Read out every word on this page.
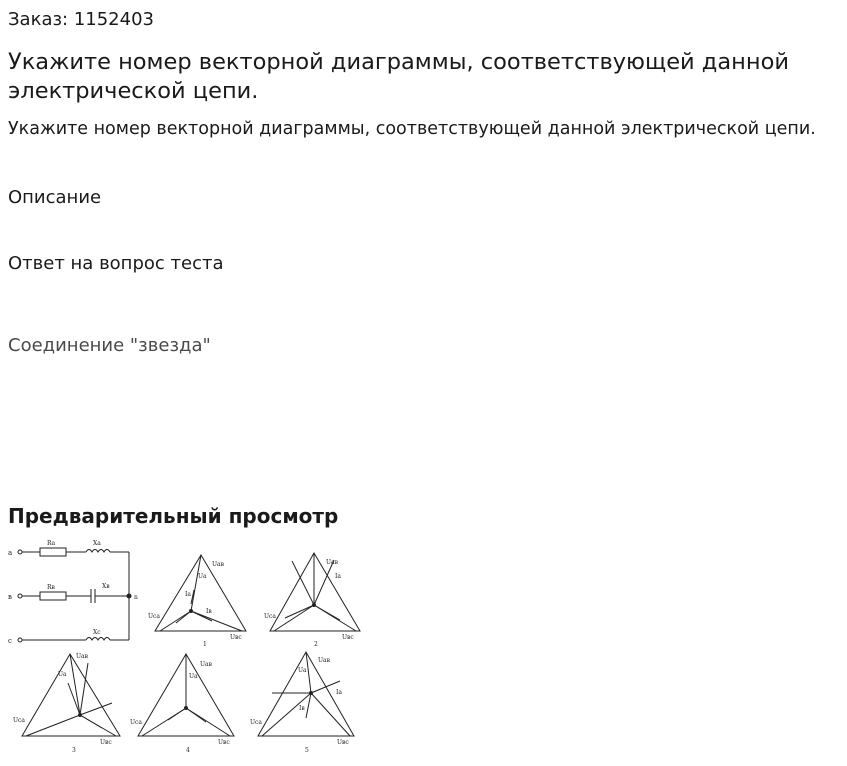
Заказ: 1152403
Укажите номер векторной диаграммы, соответствующей данной электрической цепи.
Укажите номер векторной диаграммы, соответствующей данной электрической цепи.
Описание
Ответ на вопрос теста
Соединение "звезда"
Предварительный просмотр
a
в
с
Rа	Xа
Rв	Xв
n
Xс
1
Uав
Uа
Iа
Uса
Iв
Uвс
2
Uав
Iа
Uса
Uвс
3
Uав
Uа
Uса
Uвс
4
Uав
Uа
Uса
Uвс
5
Uав
Uа
Iа
Iв
Uса
Uвс
